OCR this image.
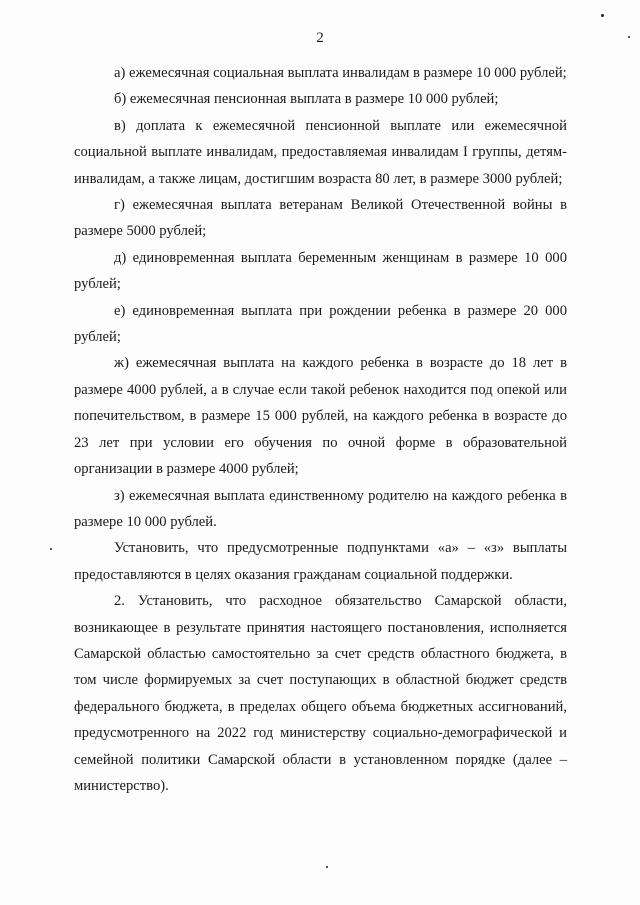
2

а) ежемесячная социальная выплата инвалидам в размере 10 000 рублей;

б) ежемесячная пенсионная выплата в размере 10 000 рублей;

в) доплата к ежемесячной пенсионной выплате или ежемесячной социальной выплате инвалидам, предоставляемая инвалидам I группы, детям-инвалидам, а также лицам, достигшим возраста 80 лет, в размере 3000 рублей;

г) ежемесячная выплата ветеранам Великой Отечественной войны в размере 5000 рублей;

д) единовременная выплата беременным женщинам в размере 10 000 рублей;

е) единовременная выплата при рождении ребенка в размере 20 000 рублей;

ж) ежемесячная выплата на каждого ребенка в возрасте до 18 лет в размере 4000 рублей, а в случае если такой ребенок находится под опекой или попечительством, в размере 15 000 рублей, на каждого ребенка в возрасте до 23 лет при условии его обучения по очной форме в образовательной организации в размере 4000 рублей;

з) ежемесячная выплата единственному родителю на каждого ребенка в размере 10 000 рублей.

Установить, что предусмотренные подпунктами «а» – «з» выплаты предоставляются в целях оказания гражданам социальной поддержки.

2. Установить, что расходное обязательство Самарской области, возникающее в результате принятия настоящего постановления, исполняется Самарской областью самостоятельно за счет средств областного бюджета, в том числе формируемых за счет поступающих в областной бюджет средств федерального бюджета, в пределах общего объема бюджетных ассигнований, предусмотренного на 2022 год министерству социально-демографической и семейной политики Самарской области в установленном порядке (далее – министерство).
